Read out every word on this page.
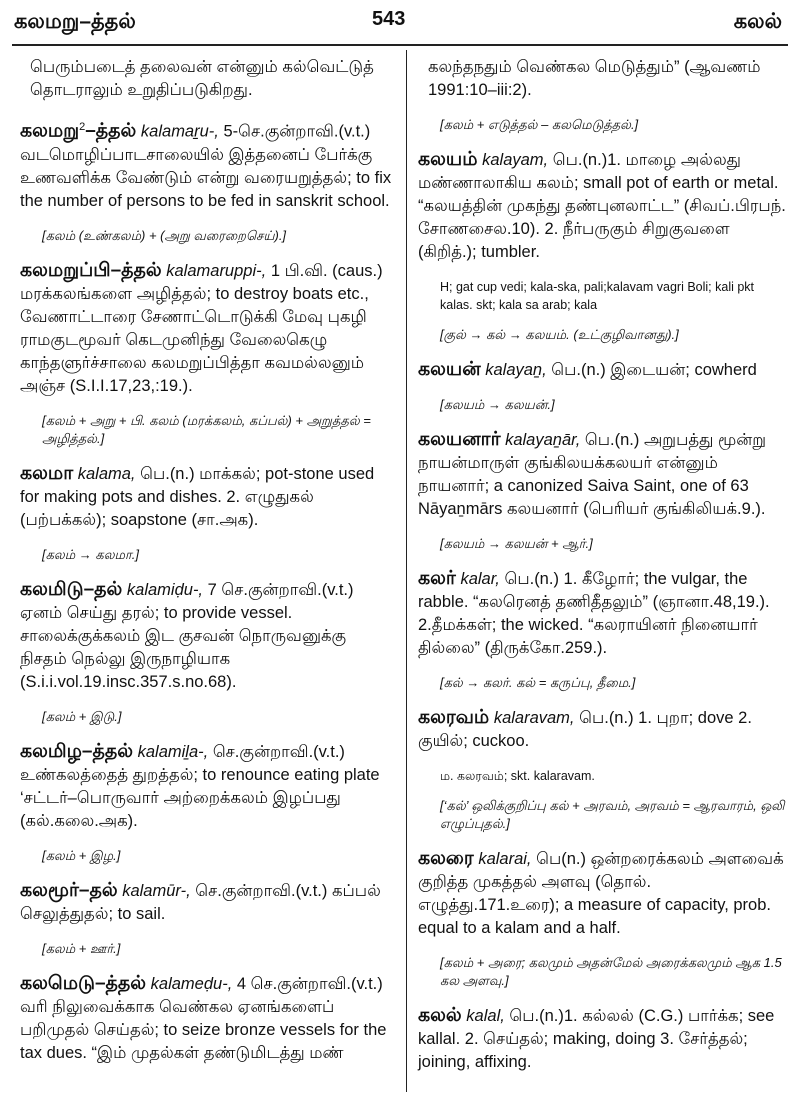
கலமறு–த்தல்	543	கலல்
பெரும்படைத் தலைவன் என்னும் கல்வெட்டுத் தொடராலும் உறுதிப்படுகிறது.
கலமறு$^2$–த்தல் kalamaṟu-, 5-செ.குன்றாவி.(v.t.) வடமொழிப்பாடசாலையில் இத்தனைப் பேர்க்கு உணவளிக்க வேண்டும் என்று வரையறுத்தல்; to fix the number of persons to be fed in sanskrit school.
[கலம் (உண்கலம்) + (அறு வரைறைசெய்).]
கலமறுப்பி–த்தல் kalamaruppi-, 1 பி.வி. (caus.) மரக்கலங்களை அழித்தல்; to destroy boats etc., வேணாட்டாரை சேணாட்டொடுக்கி மேவு புகழி ராமகுடமூவர் கெடமுனிந்து வேலைகெழு காந்தளுர்ச்சாலை கலமறுப்பித்தா கவமல்லனும் அஞ்ச (S.I.I.17,23,:19.).
[கலம் + அறு + பி. கலம் (மரக்கலம், கப்பல்) + அறுத்தல் = அழித்தல்.]
கலமா kalama, பெ.(n.) மாக்கல்; pot-stone used for making pots and dishes. 2. எழுதுகல் (பற்பக்கல்); soapstone (சா.அக).
[கலம் → கலமா.]
கலமிடு–தல் kalamiḍu-, 7 செ.குன்றாவி.(v.t.) ஏனம் செய்து தரல்; to provide vessel. சாலைக்குக்கலம் இட குசவன் நொருவனுக்கு நிசதம் நெல்லு இருநாழியாக (S.i.i.vol.19.insc.357.s.no.68).
[கலம் + இடு.]
கலமிழ–த்தல் kalamiḻa-, செ.குன்றாவி.(v.t.) உண்கலத்தைத் துறத்தல்; to renounce eating plate ‘சட்டர்–பொருவார் அற்றைக்கலம் இழப்பது (கல்.கலை.அக).
[கலம் + இழ.]
கலமூர்–தல் kalamūr-, செ.குன்றாவி.(v.t.) கப்பல் செலுத்துதல்; to sail.
[கலம் + ஊர்.]
கலமெடு–த்தல் kalameḍu-, 4 செ.குன்றாவி.(v.t.) வரி நிலுவைக்காக வெண்கல ஏனங்களைப் பறிமுதல் செய்தல்; to seize bronze vessels for the tax dues. “இம் முதல்கள் தண்டுமிடத்து மண்
கலந்தநதும் வெண்கல மெடுத்தும்” (ஆவணம் 1991:10–iii:2).
[கலம் + எடுத்தல் – கலமெடுத்தல்.]
கலயம் kalayam, பெ.(n.)1. மாழை அல்லது மண்ணாலாகிய கலம்; small pot of earth or metal. “கலயத்தின் முகந்து தண்புனலாட்ட” (சிவப்.பிரபந். சோணசைல.10). 2. நீர்பருகும் சிறுகுவளை (கிறித்.); tumbler.
H; gat cup vedi; kala-ska, pali;kalavam vagri Boli; kali pkt kalas. skt; kala sa arab; kala
[குல் → கல் → கலயம். (உட்குழிவானது).]
கலயன் kalayaṉ, பெ.(n.) இடையன்; cowherd
[கலயம் → கலயன்.]
கலயனார் kalayaṉār, பெ.(n.) அறுபத்து மூன்று நாயன்மாருள் குங்கிலயக்கலயர் என்னும் நாயனார்; a canonized Saiva Saint, one of 63 Nāyaṉmārs கலயனார் (பெரியர் குங்கிலியக்.9.).
[கலயம் → கலயன் + ஆர்.]
கலர் kalar, பெ.(n.) 1. கீழோர்; the vulgar, the rabble. “கலரெனத் தணிதீதலும்” (ஞானா.48,19.). 2.தீமக்கள்; the wicked. “கலராயினர் நினையார் தில்லை” (திருக்கோ.259.).
[கல் → கலர். கல் = கருப்பு, தீமை.]
கலரவம் kalaravam, பெ.(n.) 1. புறா; dove 2. குயில்; cuckoo.
ம. கலரவம்; skt. kalaravam.
[‘கல்’ ஒலிக்குறிப்பு கல் + அரவம், அரவம் = ஆரவாரம், ஒலி எழுப்புதல்.]
கலரை kalarai, பெ(n.) ஒன்றரைக்கலம் அளவைக் குறித்த முகத்தல் அளவு (தொல். எழுத்து.171.உரை); a measure of capacity, prob. equal to a kalam and a half.
[கலம் + அரை; கலமும் அதன்மேல் அரைக்கலமும் ஆக 1.5 கல அளவு.]
கலல் kalal, பெ.(n.)1. கல்லல் (C.G.) பார்க்க; see kallal. 2. செய்தல்; making, doing 3. சேர்த்தல்; joining, affixing.
